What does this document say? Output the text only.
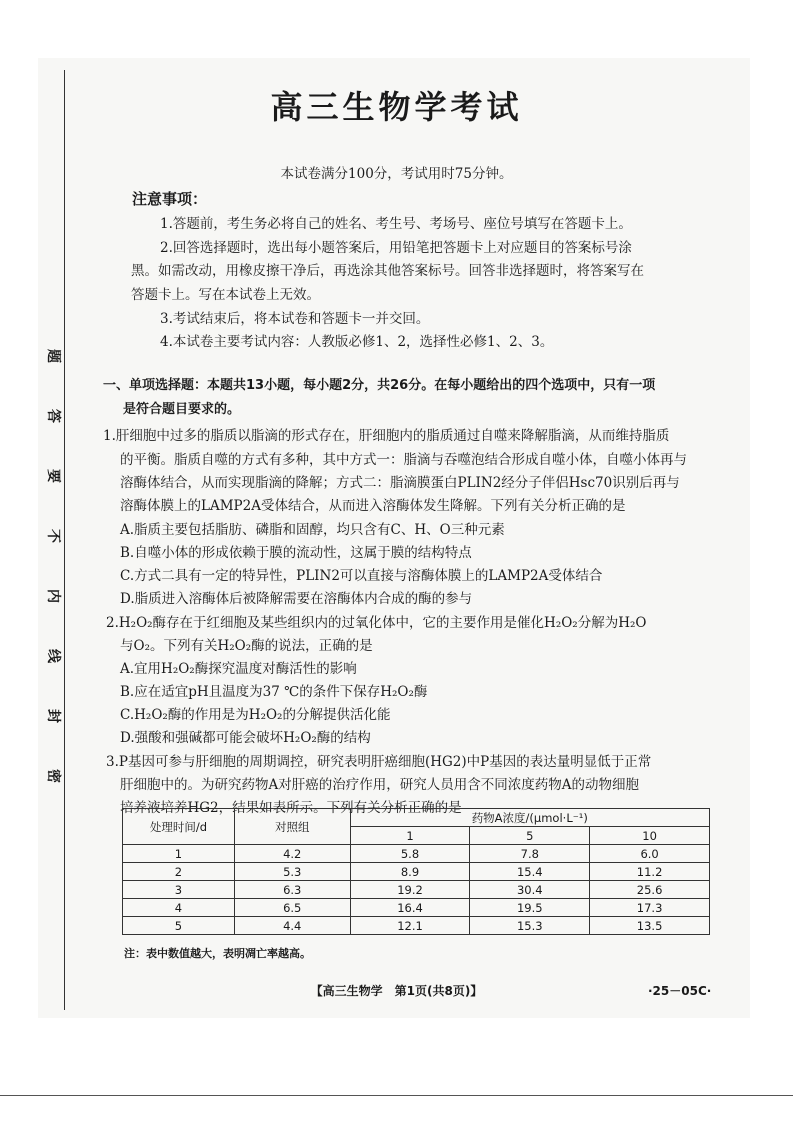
题
答
要
不
内
线
封
密
高三生物学考试
本试卷满分100分，考试用时75分钟。
注意事项：
1.答题前，考生务必将自己的姓名、考生号、考场号、座位号填写在答题卡上。
2.回答选择题时，选出每小题答案后，用铅笔把答题卡上对应题目的答案标号涂
黑。如需改动，用橡皮擦干净后，再选涂其他答案标号。回答非选择题时，将答案写在
答题卡上。写在本试卷上无效。
3.考试结束后，将本试卷和答题卡一并交回。
4.本试卷主要考试内容：人教版必修1、2，选择性必修1、2、3。
一、单项选择题：本题共13小题，每小题2分，共26分。在每小题给出的四个选项中，只有一项
是符合题目要求的。
1.肝细胞中过多的脂质以脂滴的形式存在，肝细胞内的脂质通过自噬来降解脂滴，从而维持脂质
的平衡。脂质自噬的方式有多种，其中方式一：脂滴与吞噬泡结合形成自噬小体，自噬小体再与
溶酶体结合，从而实现脂滴的降解；方式二：脂滴膜蛋白PLIN2经分子伴侣Hsc70识别后再与
溶酶体膜上的LAMP2A受体结合，从而进入溶酶体发生降解。下列有关分析正确的是
A.脂质主要包括脂肪、磷脂和固醇，均只含有C、H、O三种元素
B.自噬小体的形成依赖于膜的流动性，这属于膜的结构特点
C.方式二具有一定的特异性，PLIN2可以直接与溶酶体膜上的LAMP2A受体结合
D.脂质进入溶酶体后被降解需要在溶酶体内合成的酶的参与
2.H₂O₂酶存在于红细胞及某些组织内的过氧化体中，它的主要作用是催化H₂O₂分解为H₂O
与O₂。下列有关H₂O₂酶的说法，正确的是
A.宜用H₂O₂酶探究温度对酶活性的影响
B.应在适宜pH且温度为37 ℃的条件下保存H₂O₂酶
C.H₂O₂酶的作用是为H₂O₂的分解提供活化能
D.强酸和强碱都可能会破坏H₂O₂酶的结构
3.P基因可参与肝细胞的周期调控，研究表明肝癌细胞(HG2)中P基因的表达量明显低于正常
肝细胞中的。为研究药物A对肝癌的治疗作用，研究人员用含不同浓度药物A的动物细胞
培养液培养HG2，结果如表所示。下列有关分析正确的是
处理时间/d	对照组	药物A浓度/(μmol·L⁻¹)		
		1	5	10
1	4.2	5.8	7.8	6.0
2	5.3	8.9	15.4	11.2
3	6.3	19.2	30.4	25.6
4	6.5	16.4	19.5	17.3
5	4.4	12.1	15.3	13.5
注：表中数值越大，表明凋亡率越高。
【高三生物学　第1页(共8页)】	·25－05C·
